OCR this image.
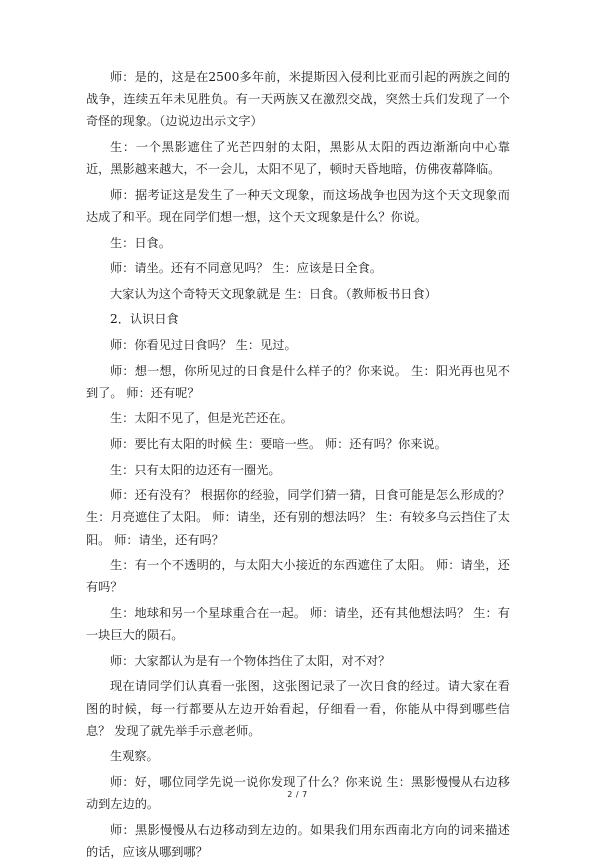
师：是的，这是在2500多年前，米提斯因入侵利比亚而引起的两族之间的战争，连续五年未见胜负。有一天两族又在激烈交战，突然士兵们发现了一个奇怪的现象。（边说边出示文字）

生：一个黑影遮住了光芒四射的太阳，黑影从太阳的西边渐渐向中心靠近，黑影越来越大，不一会儿，太阳不见了，顿时天昏地暗，仿佛夜幕降临。

师：据考证这是发生了一种天文现象，而这场战争也因为这个天文现象而达成了和平。现在同学们想一想，这个天文现象是什么？你说。

生：日食。

师：请坐。还有不同意见吗？ 生：应该是日全食。

大家认为这个奇特天文现象就是 生：日食。（教师板书日食）

2．认识日食

师：你看见过日食吗？ 生：见过。

师：想一想，你所见过的日食是什么样子的？你来说。 生：阳光再也见不到了。 师：还有呢？

生：太阳不见了，但是光芒还在。

师：要比有太阳的时候 生：要暗一些。 师：还有吗？你来说。

生：只有太阳的边还有一圈光。

师：还有没有？ 根据你的经验，同学们猜一猜，日食可能是怎么形成的？ 生：月亮遮住了太阳。 师：请坐，还有别的想法吗？ 生：有较多乌云挡住了太阳。 师：请坐，还有吗？

生：有一个不透明的，与太阳大小接近的东西遮住了太阳。 师：请坐，还有吗？

生：地球和另一个星球重合在一起。 师：请坐，还有其他想法吗？ 生：有一块巨大的陨石。

师：大家都认为是有一个物体挡住了太阳，对不对？

现在请同学们认真看一张图，这张图记录了一次日食的经过。请大家在看图的时候，每一行都要从左边开始看起，仔细看一看，你能从中得到哪些信息？ 发现了就先举手示意老师。

生观察。

师：好，哪位同学先说一说你发现了什么？你来说 生：黑影慢慢从右边移动到左边的。

师：黑影慢慢从右边移动到左边的。如果我们用东西南北方向的词来描述的话，应该从哪到哪？

2 / 7
